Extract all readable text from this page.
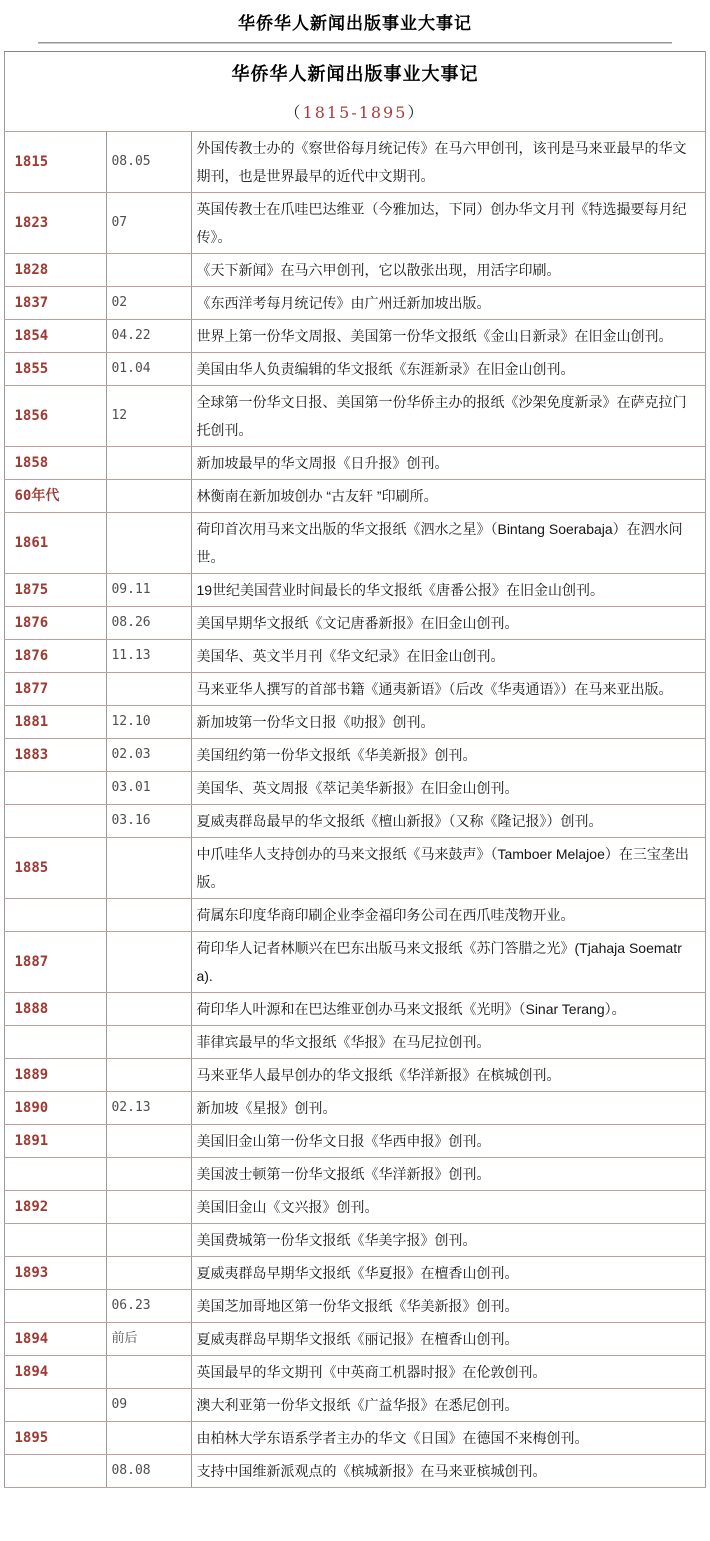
华侨华人新闻出版事业大事记
华侨华人新闻出版事业大事记
（1815-1895）		

1815	08.05	外国传教士办的《察世俗每月统记传》在马六甲创刊，该刊是马来亚最早的华文期刊，也是世界最早的近代中文期刊。
1823	07	英国传教士在爪哇巴达维亚（今雅加达，下同）创办华文月刊《特选撮要每月纪传》。
1828		《天下新闻》在马六甲创刊，它以散张出现，用活字印刷。
1837	02	《东西洋考每月统记传》由广州迁新加坡出版。
1854	04.22	世界上第一份华文周报、美国第一份华文报纸《金山日新录》在旧金山创刊。
1855	01.04	美国由华人负责编辑的华文报纸《东涯新录》在旧金山创刊。
1856	12	全球第一份华文日报、美国第一份华侨主办的报纸《沙架免度新录》在萨克拉门托创刊。
1858		新加坡最早的华文周报《日升报》创刊。
60年代		林衡南在新加坡创办 “古友轩 ”印刷所。
1861		荷印首次用马来文出版的华文报纸《泗水之星》（Bintang Soerabaja）在泗水问世。
1875	09.11	19世纪美国营业时间最长的华文报纸《唐番公报》在旧金山创刊。
1876	08.26	美国早期华文报纸《文记唐番新报》在旧金山创刊。
1876	11.13	美国华、英文半月刊《华文纪录》在旧金山创刊。
1877		马来亚华人撰写的首部书籍《通夷新语》（后改《华夷通语》）在马来亚出版。
1881	12.10	新加坡第一份华文日报《叻报》创刊。
1883	02.03	美国纽约第一份华文报纸《华美新报》创刊。
	03.01	美国华、英文周报《萃记美华新报》在旧金山创刊。
	03.16	夏威夷群岛最早的华文报纸《檀山新报》（又称《隆记报》）创刊。
1885		中爪哇华人支持创办的马来文报纸《马来鼓声》（Tamboer Melajoe）在三宝垄出版。
		荷属东印度华商印刷企业李金福印务公司在西爪哇茂物开业。
1887		荷印华人记者林顺兴在巴东出版马来文报纸《苏门答腊之光》(Tjahaja Soematra).
1888		荷印华人叶源和在巴达维亚创办马来文报纸《光明》（Sinar Terang）。
		菲律宾最早的华文报纸《华报》在马尼拉创刊。
1889		马来亚华人最早创办的华文报纸《华洋新报》在槟城创刊。
1890	02.13	新加坡《星报》创刊。
1891		美国旧金山第一份华文日报《华西申报》创刊。
		美国波士顿第一份华文报纸《华洋新报》创刊。
1892		美国旧金山《文兴报》创刊。
		美国费城第一份华文报纸《华美字报》创刊。
1893		夏威夷群岛早期华文报纸《华夏报》在檀香山创刊。
	06.23	美国芝加哥地区第一份华文报纸《华美新报》创刊。
1894	前后	夏威夷群岛早期华文报纸《丽记报》在檀香山创刊。
1894		英国最早的华文期刊《中英商工机器时报》在伦敦创刊。
	09	澳大利亚第一份华文报纸《广益华报》在悉尼创刊。
1895		由柏林大学东语系学者主办的华文《日国》在德国不来梅创刊。
	08.08	支持中国维新派观点的《槟城新报》在马来亚槟城创刊。
